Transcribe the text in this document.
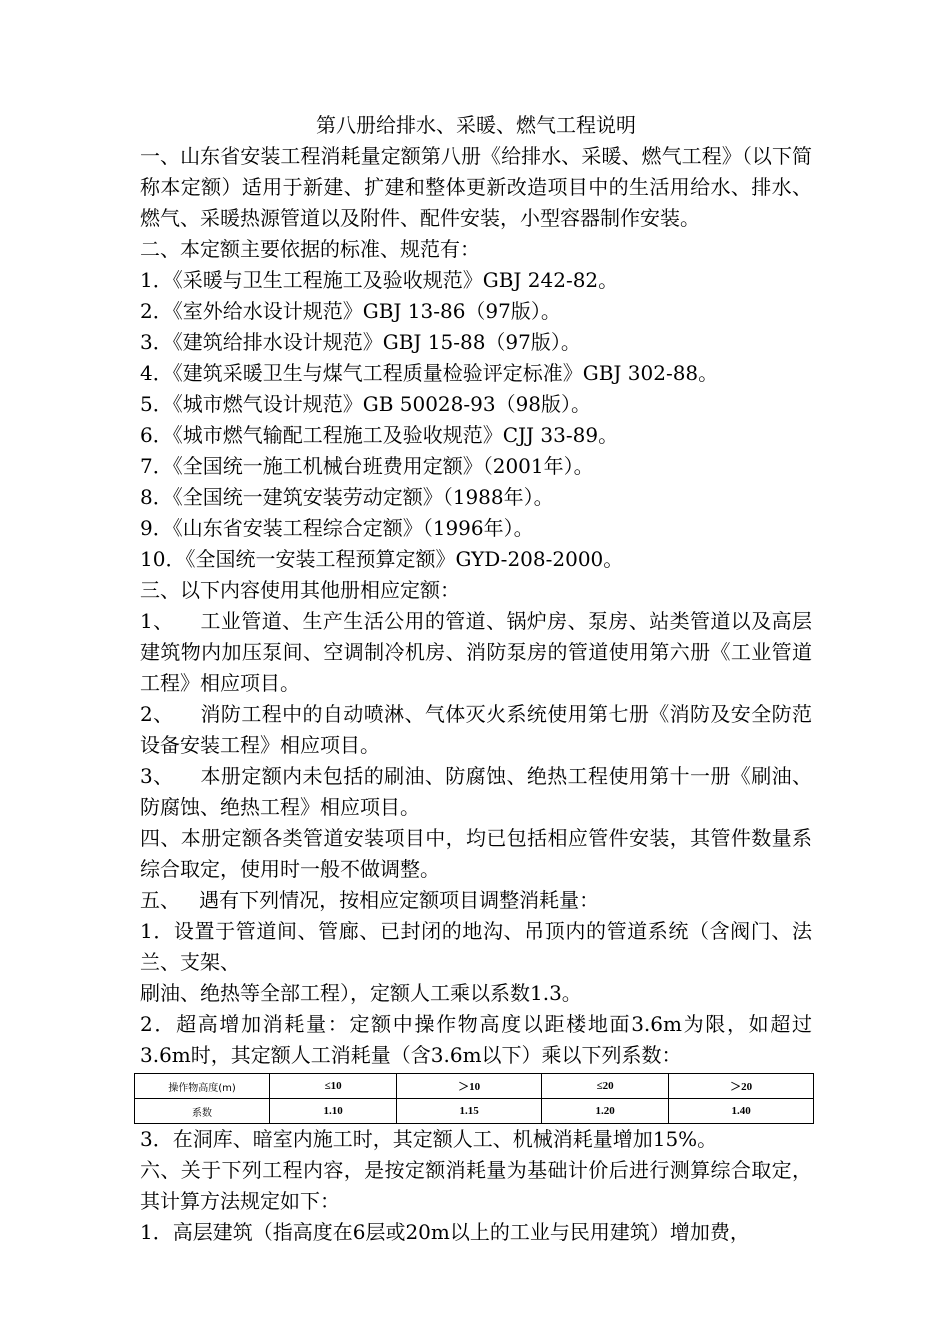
第八册给排水、采暖、燃气工程说明

一、山东省安装工程消耗量定额第八册《给排水、采暖、燃气工程》（以下简称本定额）适用于新建、扩建和整体更新改造项目中的生活用给水、排水、燃气、采暖热源管道以及附件、配件安装，小型容器制作安装。

二、本定额主要依据的标准、规范有：

1．《采暖与卫生工程施工及验收规范》GBJ 242-82。

2．《室外给水设计规范》GBJ 13-86（97版）。

3．《建筑给排水设计规范》GBJ 15-88（97版）。

4．《建筑采暖卫生与煤气工程质量检验评定标准》GBJ 302-88。

5．《城市燃气设计规范》GB 50028-93（98版）。

6．《城市燃气输配工程施工及验收规范》CJJ 33-89。

7．《全国统一施工机械台班费用定额》（2001年）。

8．《全国统一建筑安装劳动定额》（1988年）。

9．《山东省安装工程综合定额》（1996年）。

10．《全国统一安装工程预算定额》GYD-208-2000。

三、以下内容使用其他册相应定额：

1、    工业管道、生产生活公用的管道、锅炉房、泵房、站类管道以及高层建筑物内加压泵间、空调制冷机房、消防泵房的管道使用第六册《工业管道工程》相应项目。

2、    消防工程中的自动喷淋、气体灭火系统使用第七册《消防及安全防范设备安装工程》相应项目。

3、    本册定额内未包括的刷油、防腐蚀、绝热工程使用第十一册《刷油、防腐蚀、绝热工程》相应项目。

四、本册定额各类管道安装项目中，均已包括相应管件安装，其管件数量系综合取定，使用时一般不做调整。

五、   遇有下列情况，按相应定额项目调整消耗量：

1．设置于管道间、管廊、已封闭的地沟、吊顶内的管道系统（含阀门、法兰、支架、

刷油、绝热等全部工程），定额人工乘以系数1.3。

2．超高增加消耗量：定额中操作物高度以距楼地面3.6m为限，如超过3.6m时，其定额人工消耗量（含3.6m以下）乘以下列系数：

操作物高度(m)	≤10	＞10	≤20	＞20
系数	1.10	1.15	1.20	1.40

3．在洞库、暗室内施工时，其定额人工、机械消耗量增加15%。

六、关于下列工程内容，是按定额消耗量为基础计价后进行测算综合取定，其计算方法规定如下：

1．高层建筑（指高度在6层或20m以上的工业与民用建筑）增加费，
